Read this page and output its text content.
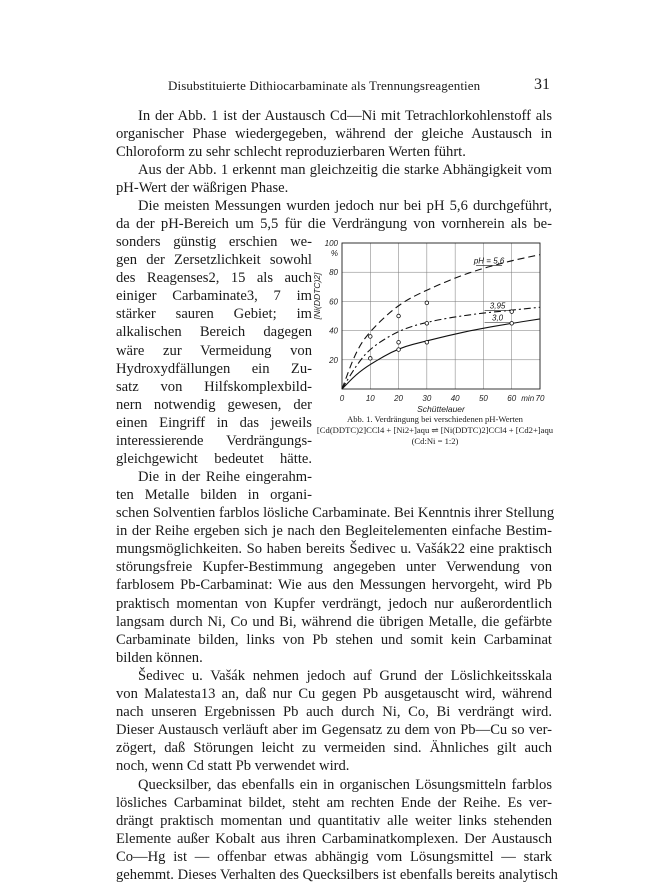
Disubstituierte Dithiocarbaminate als Trennungsreagentien	31
In der Abb. 1 ist der Austausch Cd—Ni mit Tetrachlorkohlenstoff als
organischer Phase wiedergegeben, während der gleiche Austausch in
Chloroform zu sehr schlecht reproduzierbaren Werten führt.
Aus der Abb. 1 erkennt man gleichzeitig die starke Abhängigkeit vom
pH-Wert der wäßrigen Phase.
Die meisten Messungen wurden jedoch nur bei pH 5,6 durchgeführt,
da der pH-Bereich um 5,5 für die Verdrängung von vornherein als be-
sonders günstig erschien we-
gen der Zersetzlichkeit sowohl
des Reagenses2, 15 als auch
einiger Carbaminate3, 7 im
stärker sauren Gebiet; im
alkalischen Bereich dagegen
wäre zur Vermeidung von
Hydroxydfällungen ein Zu-
satz von Hilfskomplexbild-
nern notwendig gewesen, der
einen Eingriff in das jeweils
interessierende Verdrängungs-
gleichgewicht bedeutet hätte.
Die in der Reihe eingerahm-
ten Metalle bilden in organi-
schen Solventien farblos lösliche Carbaminate. Bei Kenntnis ihrer Stellung
in der Reihe ergeben sich je nach den Begleitelementen einfache Bestim-
mungsmöglichkeiten. So haben bereits Šedivec u. Vašák22 eine praktisch
störungsfreie Kupfer-Bestimmung angegeben unter Verwendung von
farblosem Pb-Carbaminat: Wie aus den Messungen hervorgeht, wird Pb
praktisch momentan von Kupfer verdrängt, jedoch nur außerordentlich
langsam durch Ni, Co und Bi, während die übrigen Metalle, die gefärbte
Carbaminate bilden, links von Pb stehen und somit kein Carbaminat
bilden können.
Šedivec u. Vašák nehmen jedoch auf Grund der Löslichkeitsskala
von Malatesta13 an, daß nur Cu gegen Pb ausgetauscht wird, während
nach unseren Ergebnissen Pb auch durch Ni, Co, Bi verdrängt wird.
Dieser Austausch verläuft aber im Gegensatz zu dem von Pb—Cu so ver-
zögert, daß Störungen leicht zu vermeiden sind. Ähnliches gilt auch
noch, wenn Cd statt Pb verwendet wird.
Quecksilber, das ebenfalls ein in organischen Lösungsmitteln farblos
lösliches Carbaminat bildet, steht am rechten Ende der Reihe. Es ver-
drängt praktisch momentan und quantitativ alle weiter links stehenden
Elemente außer Kobalt aus ihren Carbaminatkomplexen. Der Austausch
Co—Hg ist — offenbar etwas abhängig vom Lösungsmittel — stark
gehemmt. Dieses Verhalten des Quecksilbers ist ebenfalls bereits analytisch
0	10 20 30 40 50 60 70
20
40
60
80
100
%
min
Schüttelauer
[Ni(DDTC)2]
pH = 5,6
3,95
3,0
Abb. 1. Verdrängung bei verschiedenen pH-Werten
[Cd(DDTC)2]CCl4 + [Ni2+]aqu ⇌ [Ni(DDTC)2]CCl4 + [Cd2+]aqu
(Cd:Ni = 1:2)
